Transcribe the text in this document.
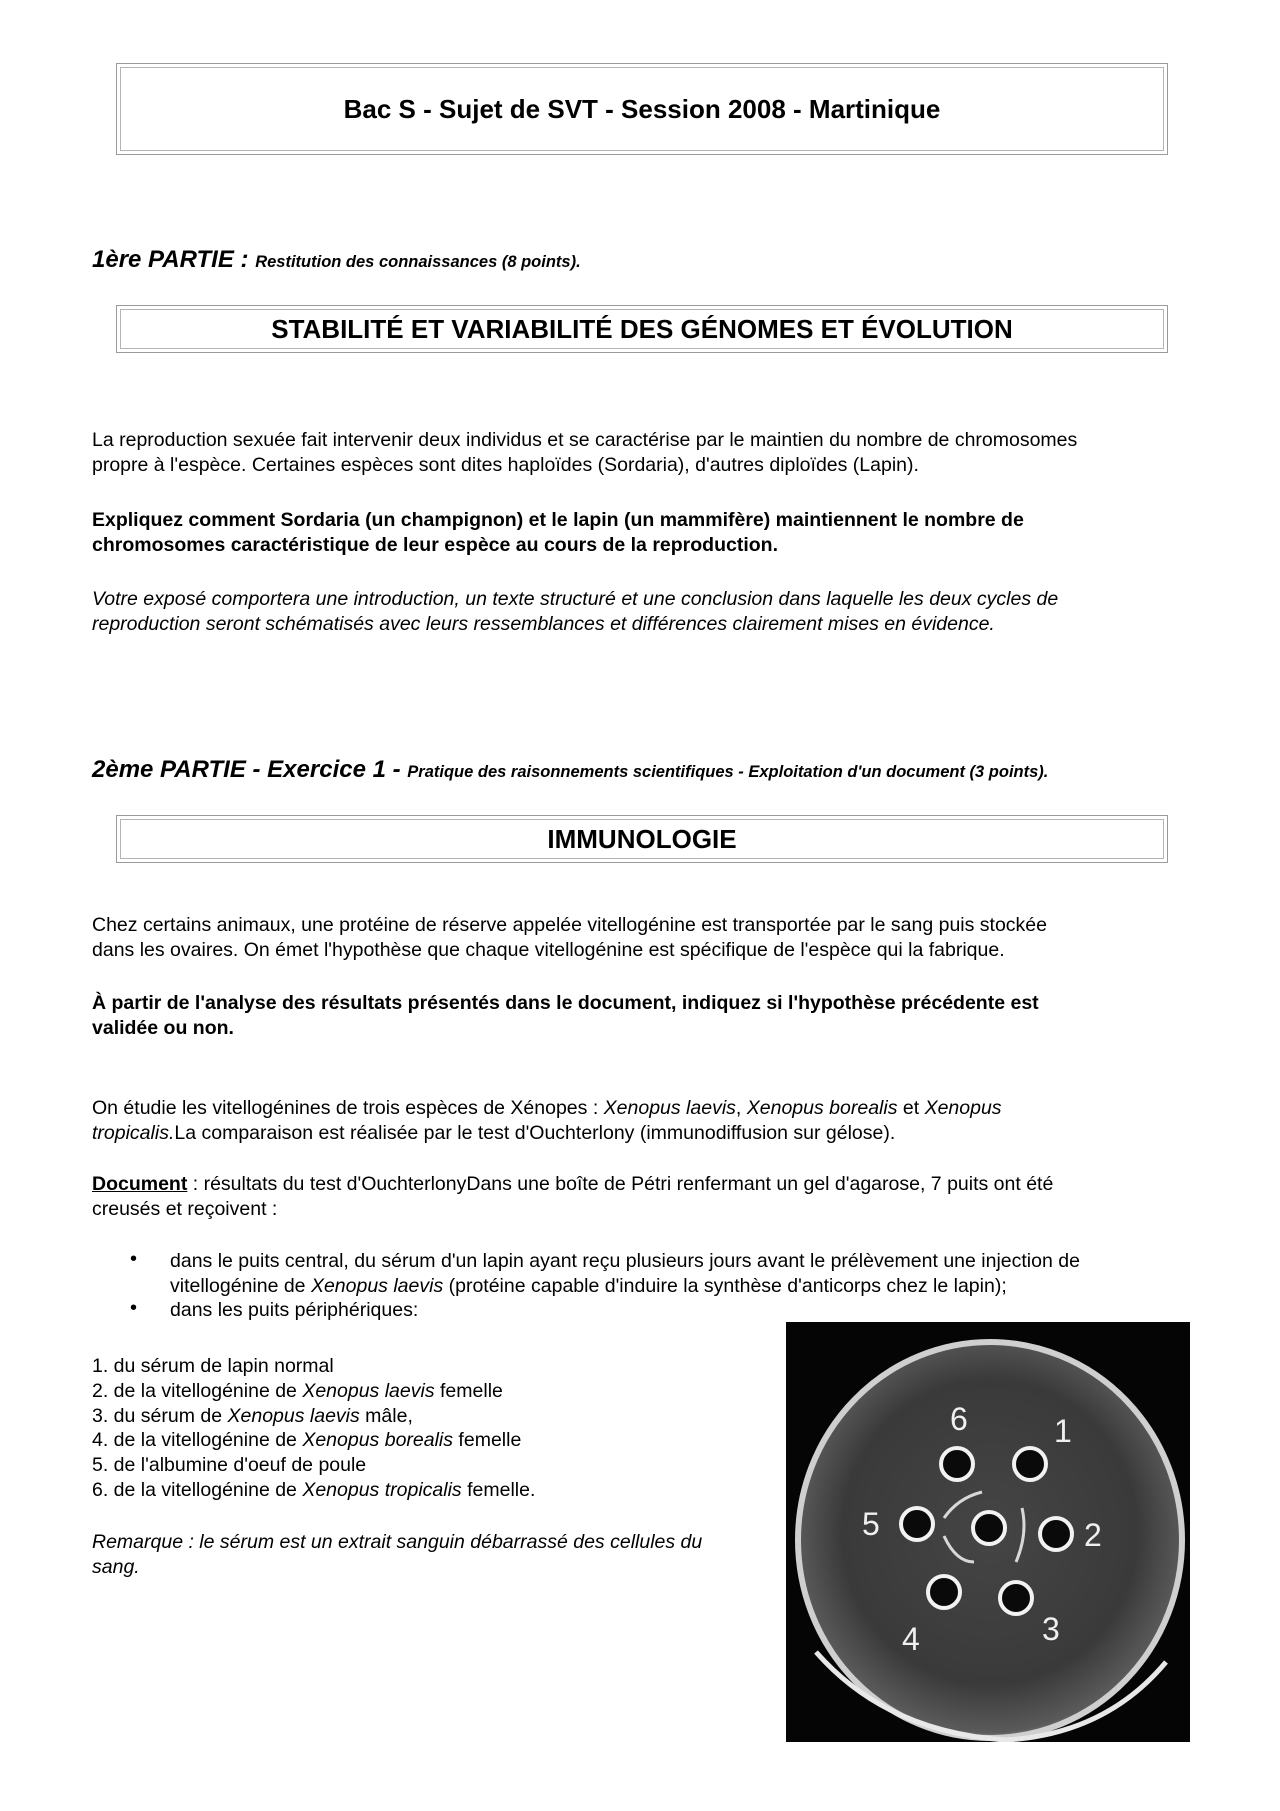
Bac S - Sujet de SVT - Session 2008 - Martinique
1ère PARTIE : Restitution des connaissances (8 points).
STABILITÉ ET VARIABILITÉ DES GÉNOMES ET ÉVOLUTION
La reproduction sexuée fait intervenir deux individus et se caractérise par le maintien du nombre de chromosomes
propre à l'espèce. Certaines espèces sont dites haploïdes (Sordaria), d'autres diploïdes (Lapin).
Expliquez comment Sordaria (un champignon) et le lapin (un mammifère) maintiennent le nombre de
chromosomes caractéristique de leur espèce au cours de la reproduction.
Votre exposé comportera une introduction, un texte structuré et une conclusion dans laquelle les deux cycles de
reproduction seront schématisés avec leurs ressemblances et différences clairement mises en évidence.
2ème PARTIE - Exercice 1 - Pratique des raisonnements scientifiques - Exploitation d'un document (3 points).
IMMUNOLOGIE
Chez certains animaux, une protéine de réserve appelée vitellogénine est transportée par le sang puis stockée
dans les ovaires. On émet l'hypothèse que chaque vitellogénine est spécifique de l'espèce qui la fabrique.
À partir de l'analyse des résultats présentés dans le document, indiquez si l'hypothèse précédente est
validée ou non.
On étudie les vitellogénines de trois espèces de Xénopes : Xenopus laevis, Xenopus borealis et Xenopus
tropicalis.La comparaison est réalisée par le test d'Ouchterlony (immunodiffusion sur gélose).
Document : résultats du test d'OuchterlonyDans une boîte de Pétri renfermant un gel d'agarose, 7 puits ont été
creusés et reçoivent :
• dans le puits central, du sérum d'un lapin ayant reçu plusieurs jours avant le prélèvement une injection de
vitellogénine de Xenopus laevis (protéine capable d'induire la synthèse d'anticorps chez le lapin);
• dans les puits périphériques:
1. du sérum de lapin normal
2. de la vitellogénine de Xenopus laevis femelle
3. du sérum de Xenopus laevis mâle,
4. de la vitellogénine de Xenopus borealis femelle
5. de l'albumine d'oeuf de poule
6. de la vitellogénine de Xenopus tropicalis femelle.
Remarque : le sérum est un extrait sanguin débarrassé des cellules du
sang.
6	1
5	2
4	3
